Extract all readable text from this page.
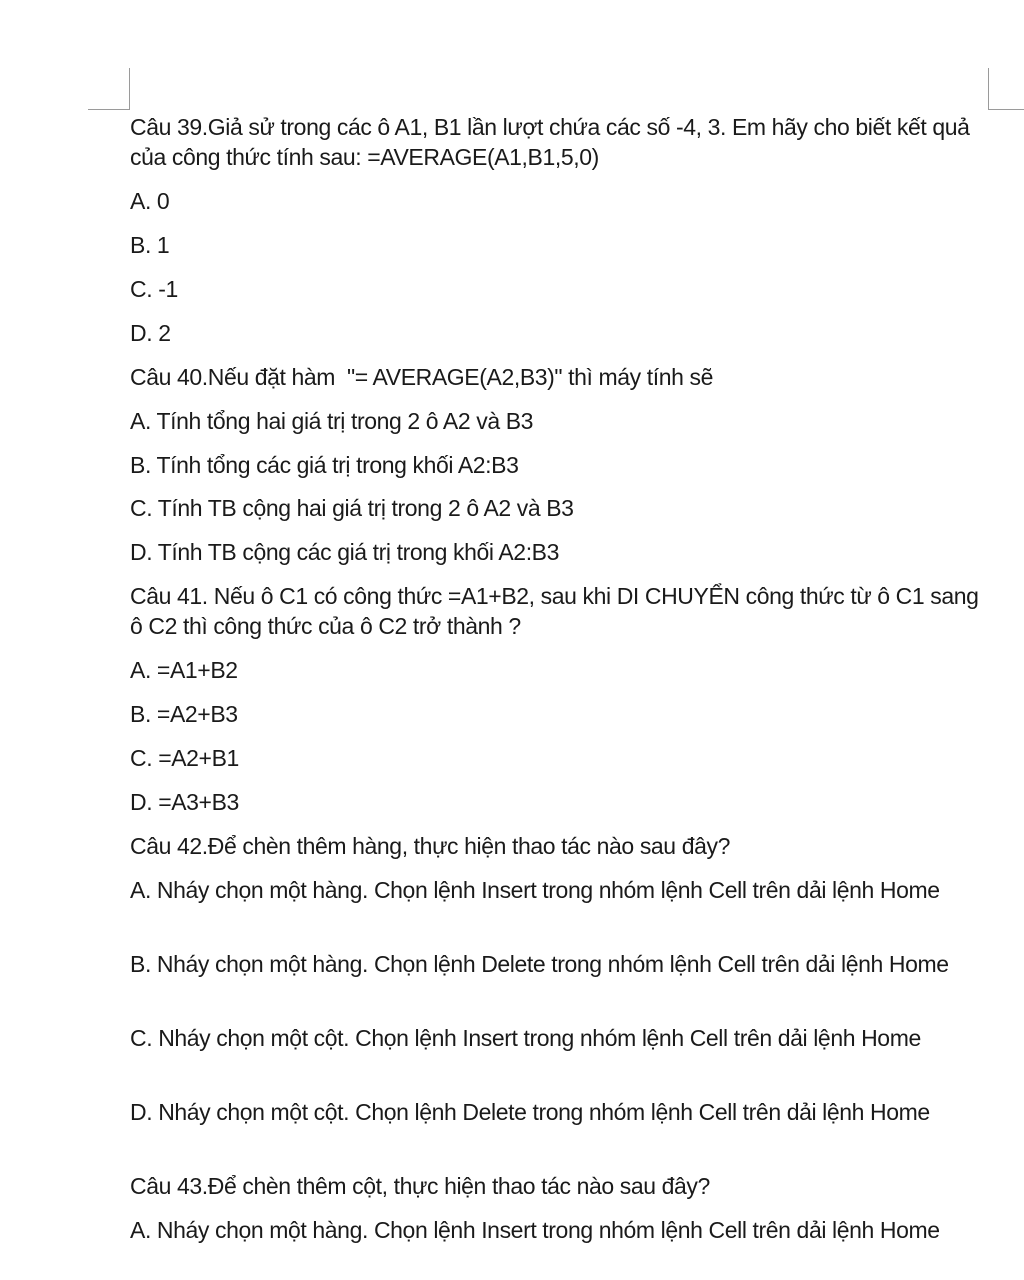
Câu 39.Giả sử trong các ô A1, B1 lần lượt chứa các số -4, 3. Em hãy cho biết kết quả của công thức tính sau: =AVERAGE(A1,B1,5,0)
A. 0
B. 1
C. -1
D. 2
Câu 40.Nếu đặt hàm  "= AVERAGE(A2,B3)" thì máy tính sẽ
A. Tính tổng hai giá trị trong 2 ô A2 và B3
B. Tính tổng các giá trị trong khối A2:B3
C. Tính TB cộng hai giá trị trong 2 ô A2 và B3
D. Tính TB cộng các giá trị trong khối A2:B3
Câu 41. Nếu ô C1 có công thức =A1+B2, sau khi DI CHUYỂN công thức từ ô C1 sang ô C2 thì công thức của ô C2 trở thành ?
A. =A1+B2
B. =A2+B3
C. =A2+B1
D. =A3+B3
Câu 42.Để chèn thêm hàng, thực hiện thao tác nào sau đây?
A. Nháy chọn một hàng. Chọn lệnh Insert trong nhóm lệnh Cell trên dải lệnh Home
B. Nháy chọn một hàng. Chọn lệnh Delete trong nhóm lệnh Cell trên dải lệnh Home
C. Nháy chọn một cột. Chọn lệnh Insert trong nhóm lệnh Cell trên dải lệnh Home
D. Nháy chọn một cột. Chọn lệnh Delete trong nhóm lệnh Cell trên dải lệnh Home
Câu 43.Để chèn thêm cột, thực hiện thao tác nào sau đây?
A. Nháy chọn một hàng. Chọn lệnh Insert trong nhóm lệnh Cell trên dải lệnh Home
